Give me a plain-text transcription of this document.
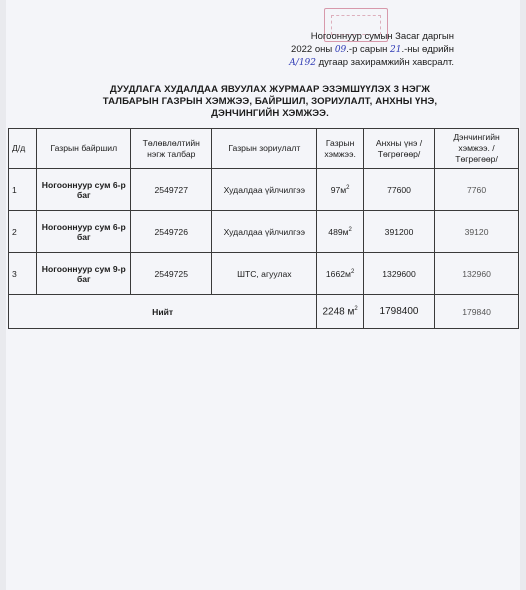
Ногооннуур сумын Засаг даргын
2022 оны 09.-р сарын 21.-ны өдрийн
A/192 дугаар захирамжийн хавсралт.
ДУУДЛАГА ХУДАЛДАА ЯВУУЛАХ ЖУРМААР ЭЗЭМШҮҮЛЭХ 3 НЭГЖ
ТАЛБАРЫН ГАЗРЫН ХЭМЖЭЭ, БАЙРШИЛ, ЗОРИУЛАЛТ, АНХНЫ ҮНЭ,
ДЭНЧИНГИЙН ХЭМЖЭЭ.
Д/д	Газрын байршил	Төлөвлөлтийн нэгж талбар	Газрын зориулалт	Газрын хэмжээ.	Анхны үнэ /Төгрөгөөр/	Дэнчингийн хэмжээ. /Төгрөгөөр/
1	Ногооннуур сум 6-р баг	2549727	Худалдаа үйлчилгээ	$97м^2$	77600	7760
2	Ногооннуур сум 6-р баг	2549726	Худалдаа үйлчилгээ	$489м^2$	391200	39120
3	Ногооннуур сум 9-р баг	2549725	ШТС, агуулах	$1662м^2$	1329600	132960
Нийт				2248 $м^2$	1798400	179840
